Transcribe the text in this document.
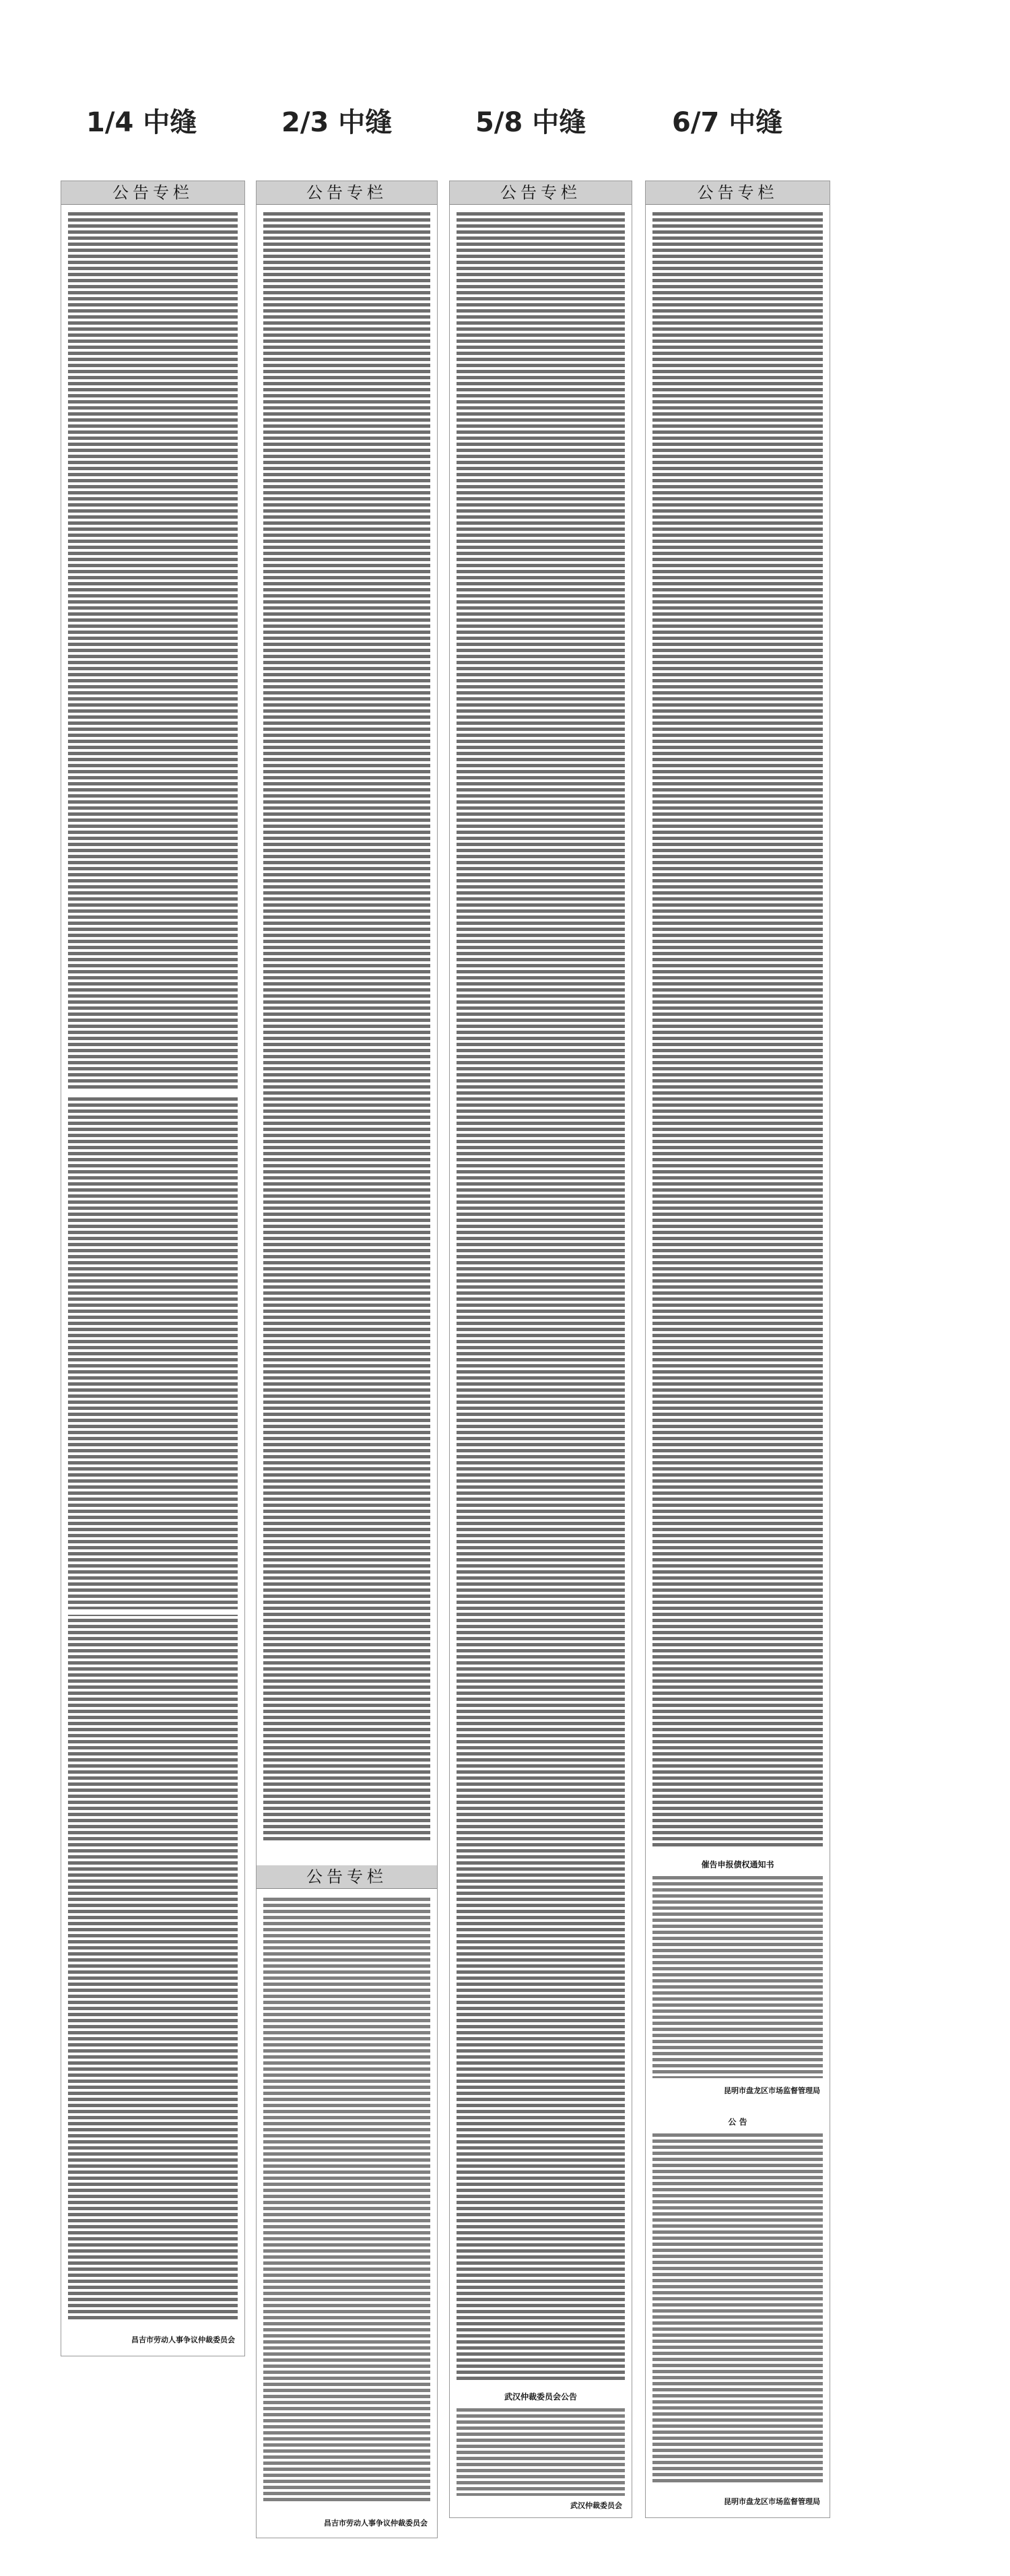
1/4 中缝	2/3 中缝	5/8 中缝	6/7 中缝
公告专栏
昌吉市劳动人事争议仲裁委员会
公告专栏
公告专栏
昌吉市劳动人事争议仲裁委员会
公告专栏
武汉仲裁委员会公告
武汉仲裁委员会
公告专栏
催告申报债权通知书
昆明市盘龙区市场监督管理局
公 告
昆明市盘龙区市场监督管理局
